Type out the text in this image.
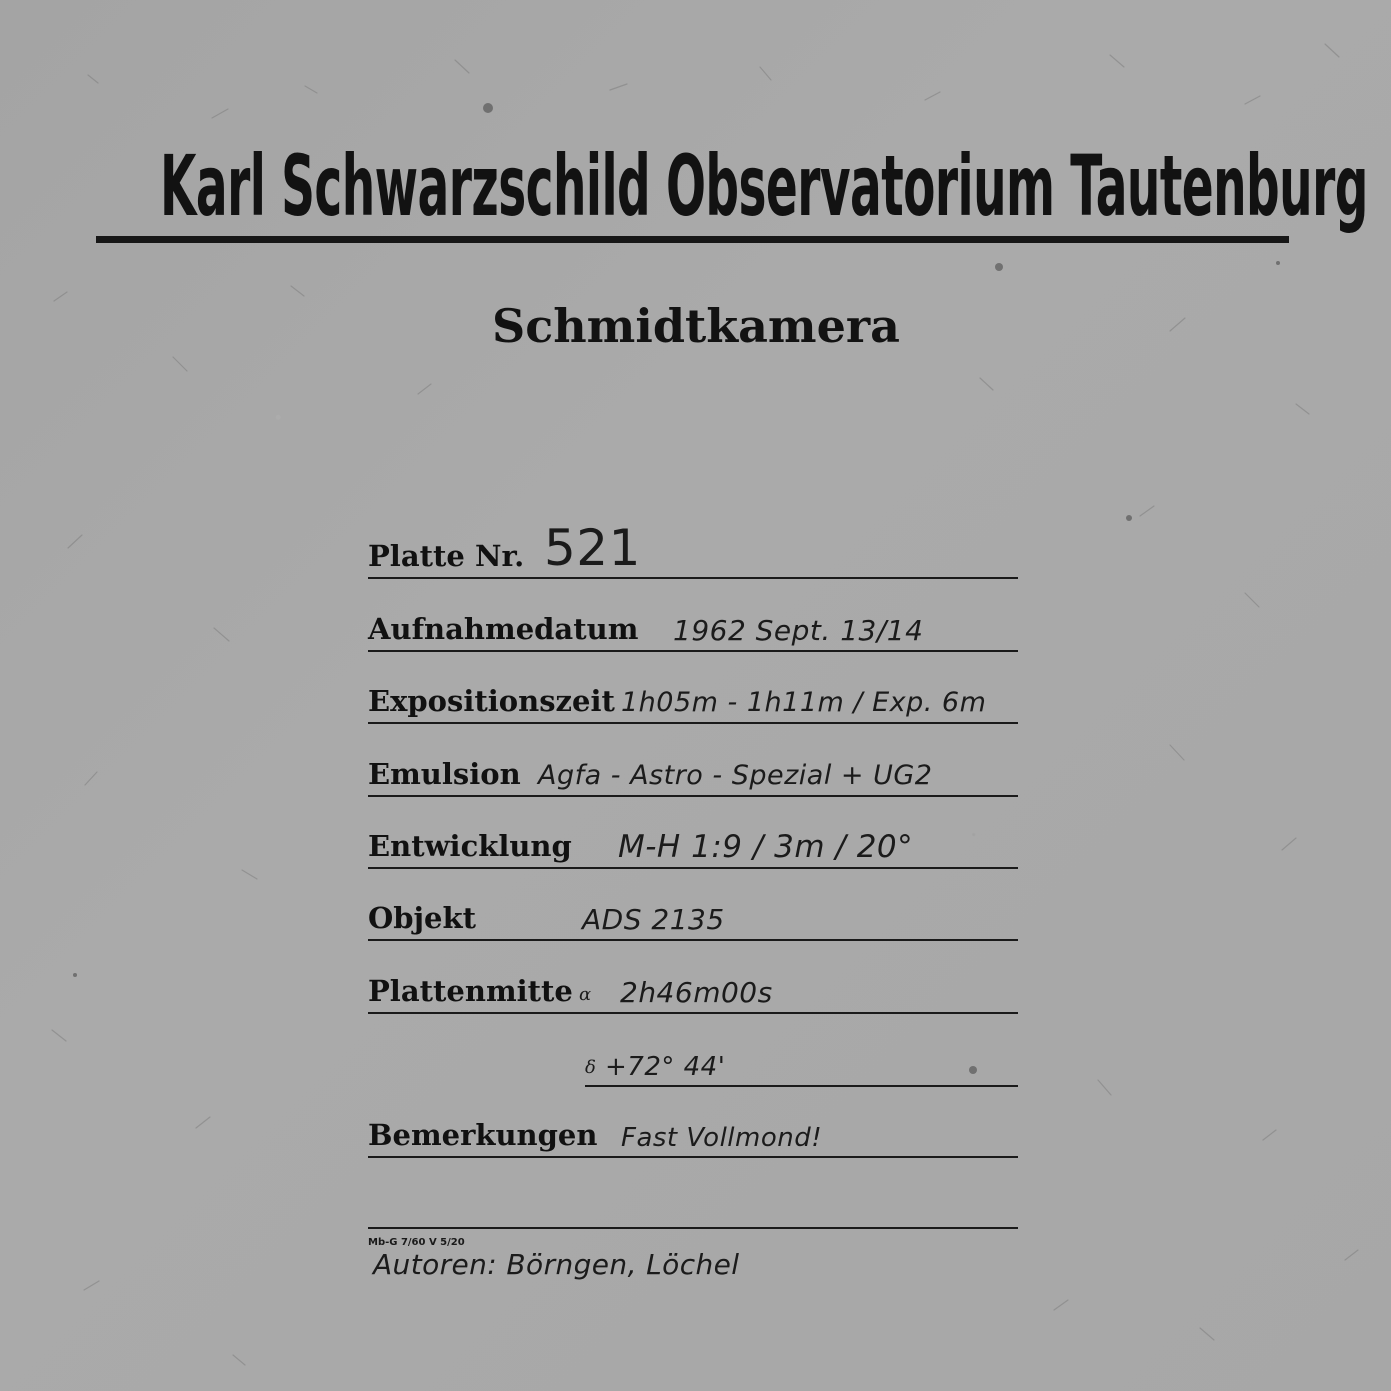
Karl Schwarzschild Observatorium Tautenburg
Schmidtkamera
Platte Nr. 521
Aufnahmedatum 1962 Sept. 13/14
Expositionszeit 1h05m - 1h11m / Exp. 6m
Emulsion Agfa - Astro - Spezial + UG2
Entwicklung M-H 1:9 / 3m / 20°
Objekt	ADS 2135
Plattenmitte α 2h46m00s
δ +72° 44'
Bemerkungen Fast Vollmond!
Mb-G 7/60 V 5/20
Autoren: Börngen, Löchel
